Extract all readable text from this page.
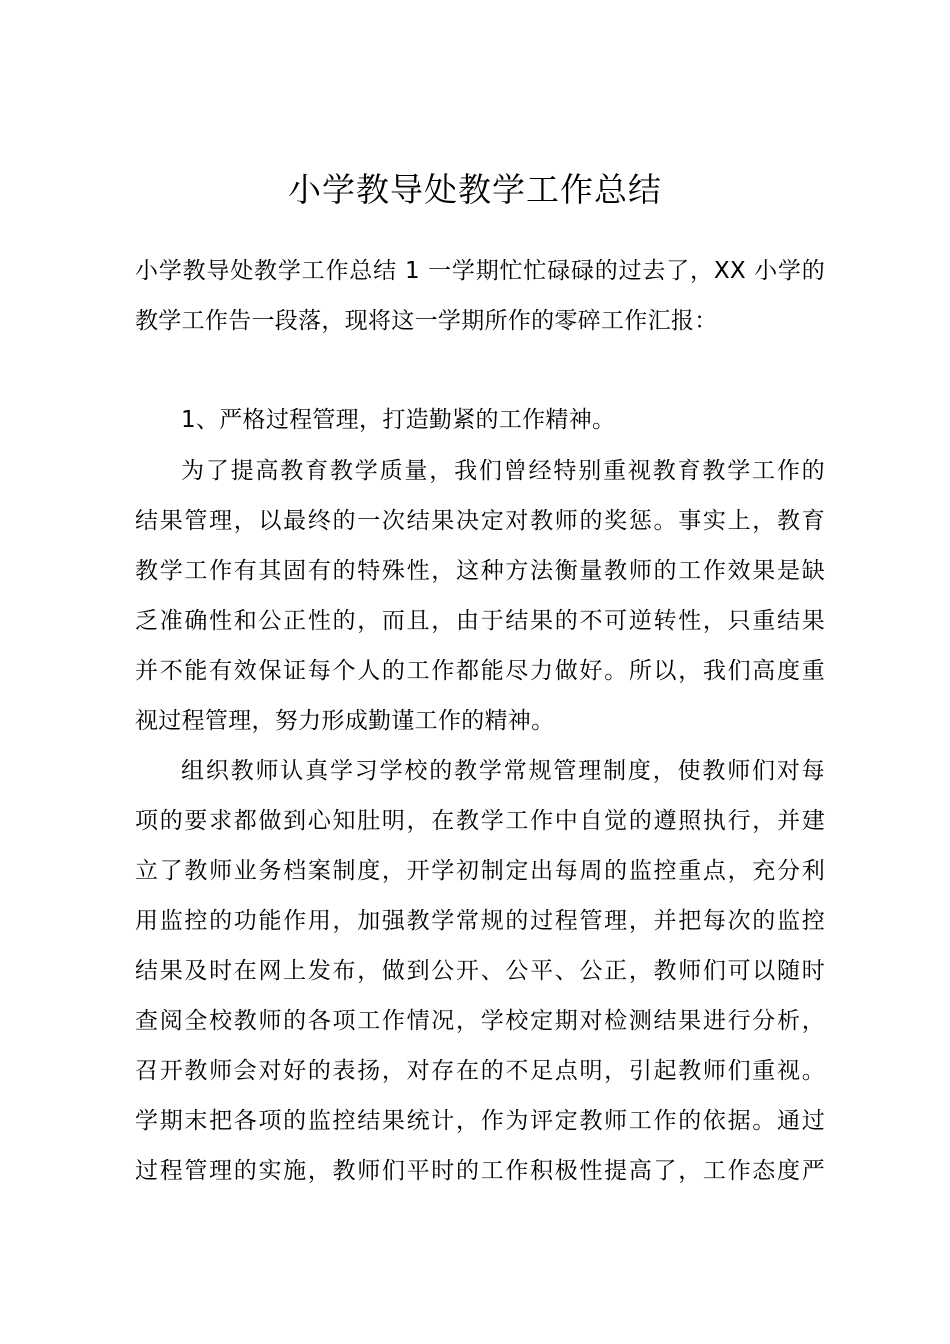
小学教导处教学工作总结
小学教导处教学工作总结 1 一学期忙忙碌碌的过去了，XX 小学的
教学工作告一段落，现将这一学期所作的零碎工作汇报：
1、严格过程管理，打造勤紧的工作精神。
为了提高教育教学质量，我们曾经特别重视教育教学工作的
结果管理，以最终的一次结果决定对教师的奖惩。事实上，教育
教学工作有其固有的特殊性，这种方法衡量教师的工作效果是缺
乏准确性和公正性的，而且，由于结果的不可逆转性，只重结果
并不能有效保证每个人的工作都能尽力做好。所以，我们高度重
视过程管理，努力形成勤谨工作的精神。
组织教师认真学习学校的教学常规管理制度，使教师们对每
项的要求都做到心知肚明，在教学工作中自觉的遵照执行，并建
立了教师业务档案制度，开学初制定出每周的监控重点，充分利
用监控的功能作用，加强教学常规的过程管理，并把每次的监控
结果及时在网上发布，做到公开、公平、公正，教师们可以随时
查阅全校教师的各项工作情况，学校定期对检测结果进行分析，
召开教师会对好的表扬，对存在的不足点明，引起教师们重视。
学期末把各项的监控结果统计，作为评定教师工作的依据。通过
过程管理的实施，教师们平时的工作积极性提高了，工作态度严
